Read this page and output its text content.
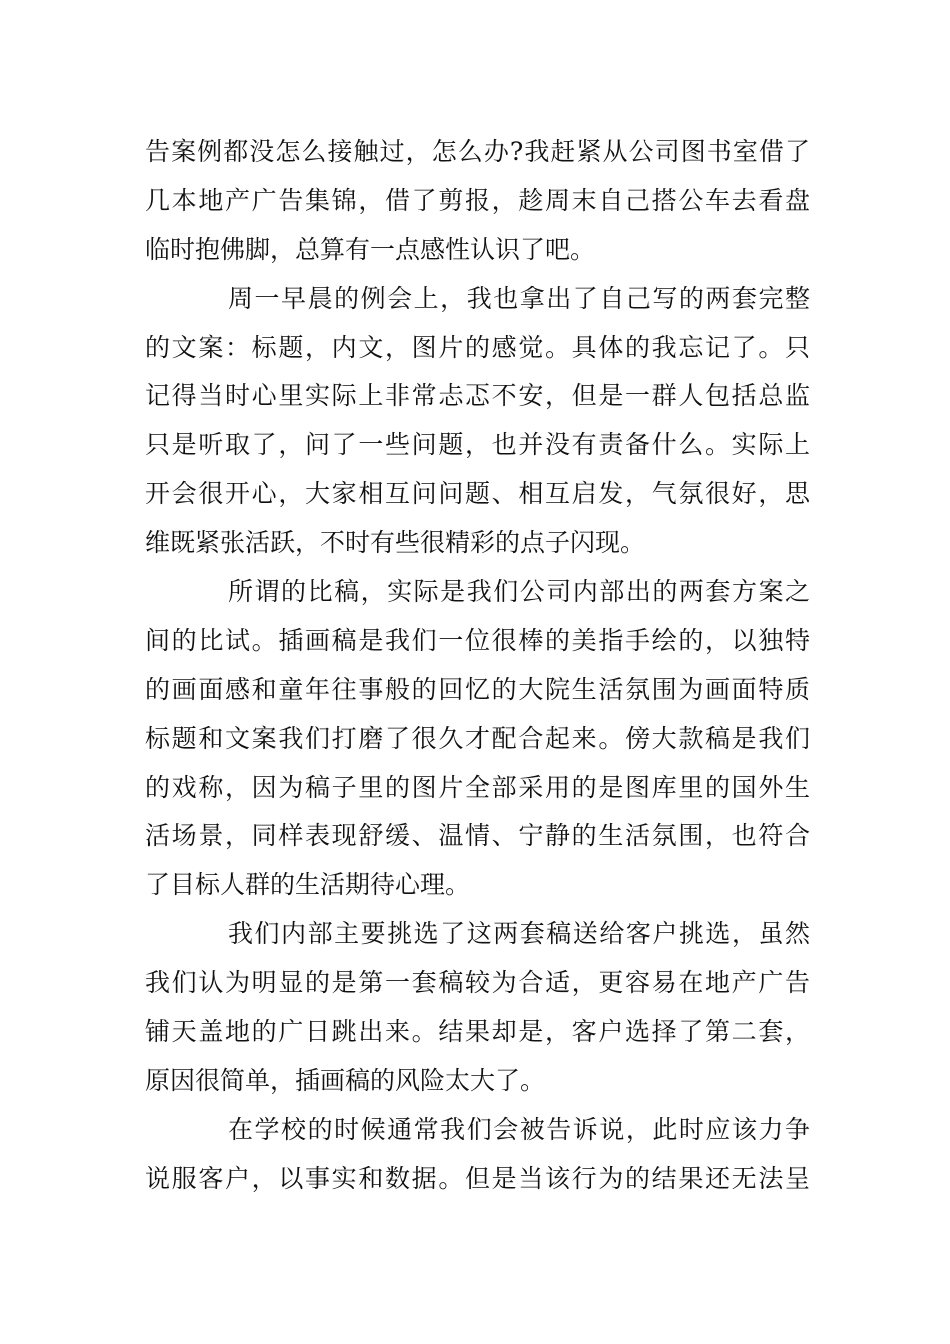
告案例都没怎么接触过，怎么办?我赶紧从公司图书室借了
几本地产广告集锦，借了剪报，趁周末自己搭公车去看盘
临时抱佛脚，总算有一点感性认识了吧。
周一早晨的例会上，我也拿出了自己写的两套完整
的文案：标题，内文，图片的感觉。具体的我忘记了。只
记得当时心里实际上非常忐忑不安，但是一群人包括总监
只是听取了，问了一些问题，也并没有责备什么。实际上
开会很开心，大家相互问问题、相互启发，气氛很好，思
维既紧张活跃，不时有些很精彩的点子闪现。
所谓的比稿，实际是我们公司内部出的两套方案之
间的比试。插画稿是我们一位很棒的美指手绘的，以独特
的画面感和童年往事般的回忆的大院生活氛围为画面特质
标题和文案我们打磨了很久才配合起来。傍大款稿是我们
的戏称，因为稿子里的图片全部采用的是图库里的国外生
活场景，同样表现舒缓、温情、宁静的生活氛围，也符合
了目标人群的生活期待心理。
我们内部主要挑选了这两套稿送给客户挑选，虽然
我们认为明显的是第一套稿较为合适，更容易在地产广告
铺天盖地的广日跳出来。结果却是，客户选择了第二套，
原因很简单，插画稿的风险太大了。
在学校的时候通常我们会被告诉说，此时应该力争
说服客户，以事实和数据。但是当该行为的结果还无法呈
